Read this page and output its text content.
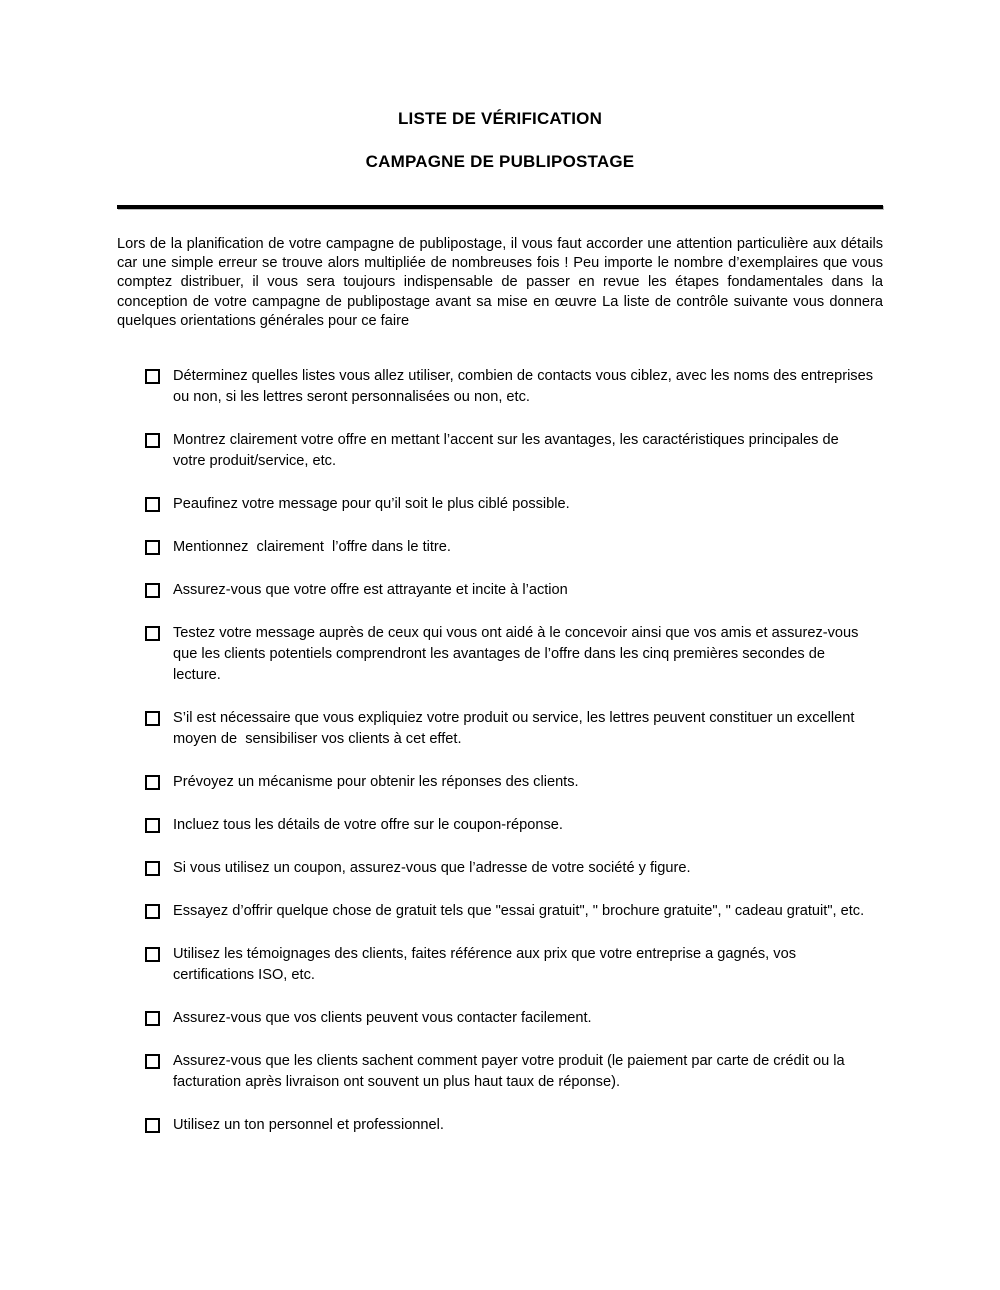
LISTE DE VÉRIFICATION
CAMPAGNE DE PUBLIPOSTAGE

Lors de la planification de votre campagne de publipostage, il vous faut accorder une attention particulière aux détails car une simple erreur se trouve alors multipliée de nombreuses fois ! Peu importe le nombre d’exemplaires que vous comptez distribuer, il vous sera toujours indispensable de passer en revue les étapes fondamentales dans la conception de votre campagne de publipostage avant sa mise en œuvre La liste de contrôle suivante vous donnera quelques orientations générales pour ce faire

Déterminez quelles listes vous allez utiliser, combien de contacts vous ciblez, avec les noms des entreprises ou non, si les lettres seront personnalisées ou non, etc.
Montrez clairement votre offre en mettant l’accent sur les avantages, les caractéristiques principales de votre produit/service, etc.
Peaufinez votre message pour qu’il soit le plus ciblé possible.
Mentionnez  clairement  l’offre dans le titre.
Assurez-vous que votre offre est attrayante et incite à l’action
Testez votre message auprès de ceux qui vous ont aidé à le concevoir ainsi que vos amis et assurez-vous que les clients potentiels comprendront les avantages de l’offre dans les cinq premières secondes de lecture.
S’il est nécessaire que vous expliquiez votre produit ou service, les lettres peuvent constituer un excellent moyen de  sensibiliser vos clients à cet effet.
Prévoyez un mécanisme pour obtenir les réponses des clients.
Incluez tous les détails de votre offre sur le coupon-réponse.
Si vous utilisez un coupon, assurez-vous que l’adresse de votre société y figure.
Essayez d’offrir quelque chose de gratuit tels que "essai gratuit", " brochure gratuite", " cadeau gratuit", etc.
Utilisez les témoignages des clients, faites référence aux prix que votre entreprise a gagnés, vos certifications ISO, etc.
Assurez-vous que vos clients peuvent vous contacter facilement.
Assurez-vous que les clients sachent comment payer votre produit (le paiement par carte de crédit ou la facturation après livraison ont souvent un plus haut taux de réponse).
Utilisez un ton personnel et professionnel.
